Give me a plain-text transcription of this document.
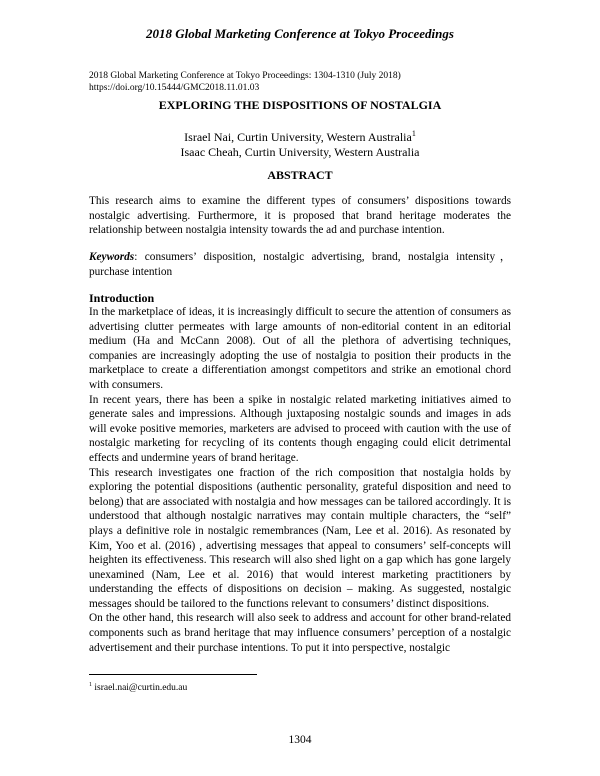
2018 Global Marketing Conference at Tokyo Proceedings
2018 Global Marketing Conference at Tokyo Proceedings: 1304-1310 (July 2018)
https://doi.org/10.15444/GMC2018.11.01.03
EXPLORING THE DISPOSITIONS OF NOSTALGIA
Israel Nai, Curtin University, Western Australia$^1$
Isaac Cheah, Curtin University, Western Australia
ABSTRACT
This research aims to examine the different types of consumers’ dispositions towards nostalgic advertising. Furthermore, it is proposed that brand heritage moderates the relationship between nostalgia intensity towards the ad and purchase intention.
Keywords: consumers’ disposition, nostalgic advertising, brand, nostalgia intensity，purchase intention
Introduction

In the marketplace of ideas, it is increasingly difficult to secure the attention of consumers as advertising clutter permeates with large amounts of non-editorial content in an editorial medium (Ha and McCann 2008). Out of all the plethora of advertising techniques, companies are increasingly adopting the use of nostalgia to position their products in the marketplace to create a differentiation amongst competitors and strike an emotional chord with consumers.

In recent years, there has been a spike in nostalgic related marketing initiatives aimed to generate sales and impressions. Although juxtaposing nostalgic sounds and images in ads will evoke positive memories, marketers are advised to proceed with caution with the use of nostalgic marketing for recycling of its contents though engaging could elicit detrimental effects and undermine years of brand heritage.

This research investigates one fraction of the rich composition that nostalgia holds by exploring the potential dispositions (authentic personality, grateful disposition and need to belong) that are associated with nostalgia and how messages can be tailored accordingly. It is understood that although nostalgic narratives may contain multiple characters, the “self” plays a definitive role in nostalgic remembrances (Nam, Lee et al. 2016). As resonated by Kim, Yoo et al. (2016) , advertising messages that appeal to consumers’ self-concepts will heighten its effectiveness. This research will also shed light on a gap which has gone largely unexamined (Nam, Lee et al. 2016) that would interest marketing practitioners by understanding the effects of dispositions on decision – making. As suggested, nostalgic messages should be tailored to the functions relevant to consumers’ distinct dispositions.

On the other hand, this research will also seek to address and account for other brand-related components such as brand heritage that may influence consumers’ perception of a nostalgic advertisement and their purchase intentions. To put it into perspective, nostalgic

$^1$ israel.nai@curtin.edu.au
1304
